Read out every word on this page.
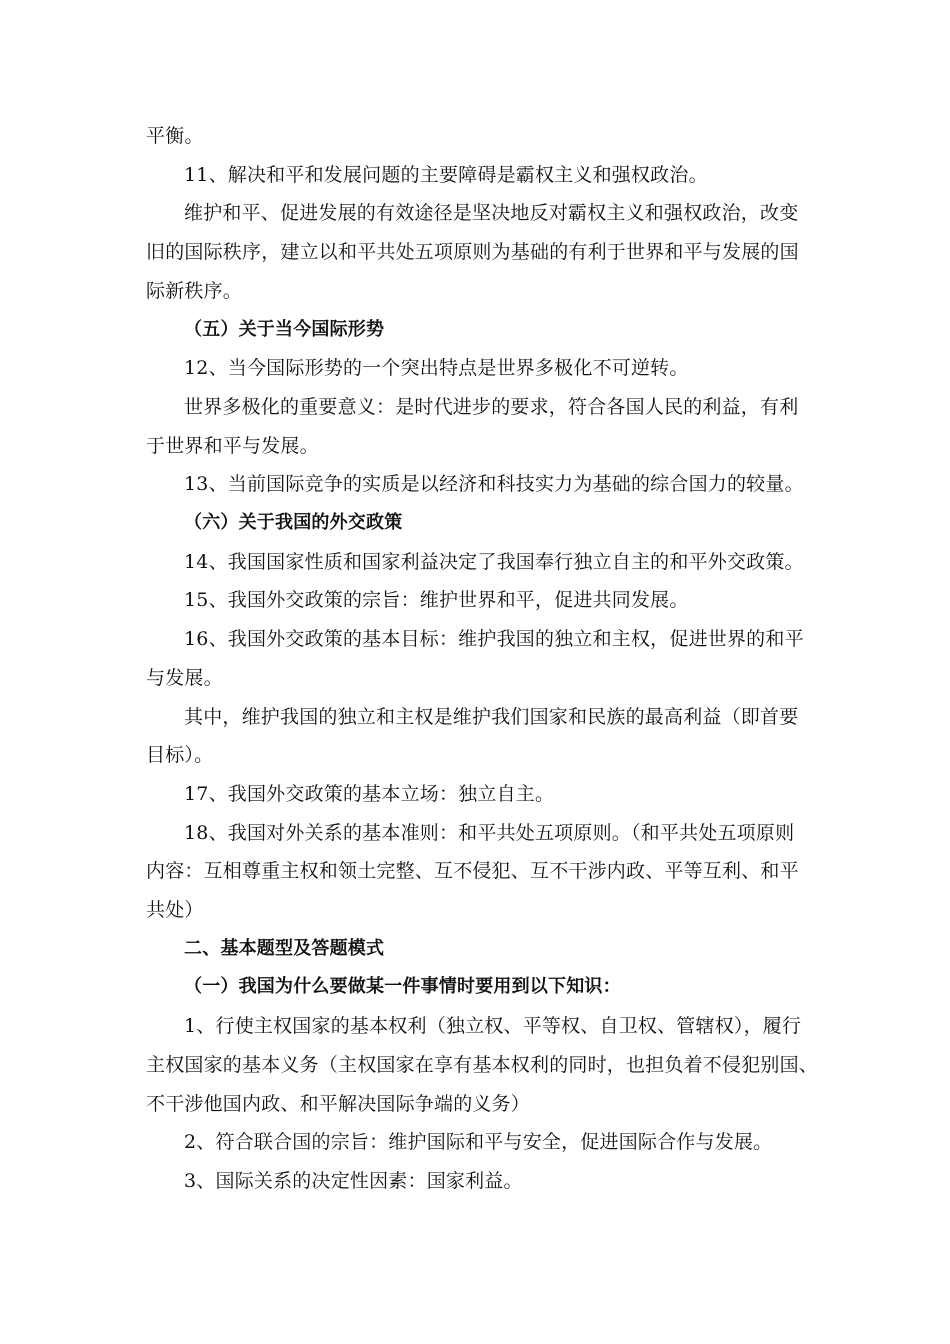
平衡。

11、解决和平和发展问题的主要障碍是霸权主义和强权政治。

维护和平、促进发展的有效途径是坚决地反对霸权主义和强权政治，改变

旧的国际秩序，建立以和平共处五项原则为基础的有利于世界和平与发展的国

际新秩序。

（五）关于当今国际形势

12、当今国际形势的一个突出特点是世界多极化不可逆转。

世界多极化的重要意义：是时代进步的要求，符合各国人民的利益，有利

于世界和平与发展。

13、当前国际竞争的实质是以经济和科技实力为基础的综合国力的较量。

（六）关于我国的外交政策

14、我国国家性质和国家利益决定了我国奉行独立自主的和平外交政策。

15、我国外交政策的宗旨：维护世界和平，促进共同发展。

16、我国外交政策的基本目标：维护我国的独立和主权，促进世界的和平

与发展。

其中，维护我国的独立和主权是维护我们国家和民族的最高利益（即首要

目标）。

17、我国外交政策的基本立场：独立自主。

18、我国对外关系的基本准则：和平共处五项原则。（和平共处五项原则

内容：互相尊重主权和领土完整、互不侵犯、互不干涉内政、平等互利、和平

共处）

二、基本题型及答题模式

（一）我国为什么要做某一件事情时要用到以下知识：

1、行使主权国家的基本权利（独立权、平等权、自卫权、管辖权），履行

主权国家的基本义务（主权国家在享有基本权利的同时，也担负着不侵犯别国、

不干涉他国内政、和平解决国际争端的义务）

2、符合联合国的宗旨：维护国际和平与安全，促进国际合作与发展。

3、国际关系的决定性因素：国家利益。
